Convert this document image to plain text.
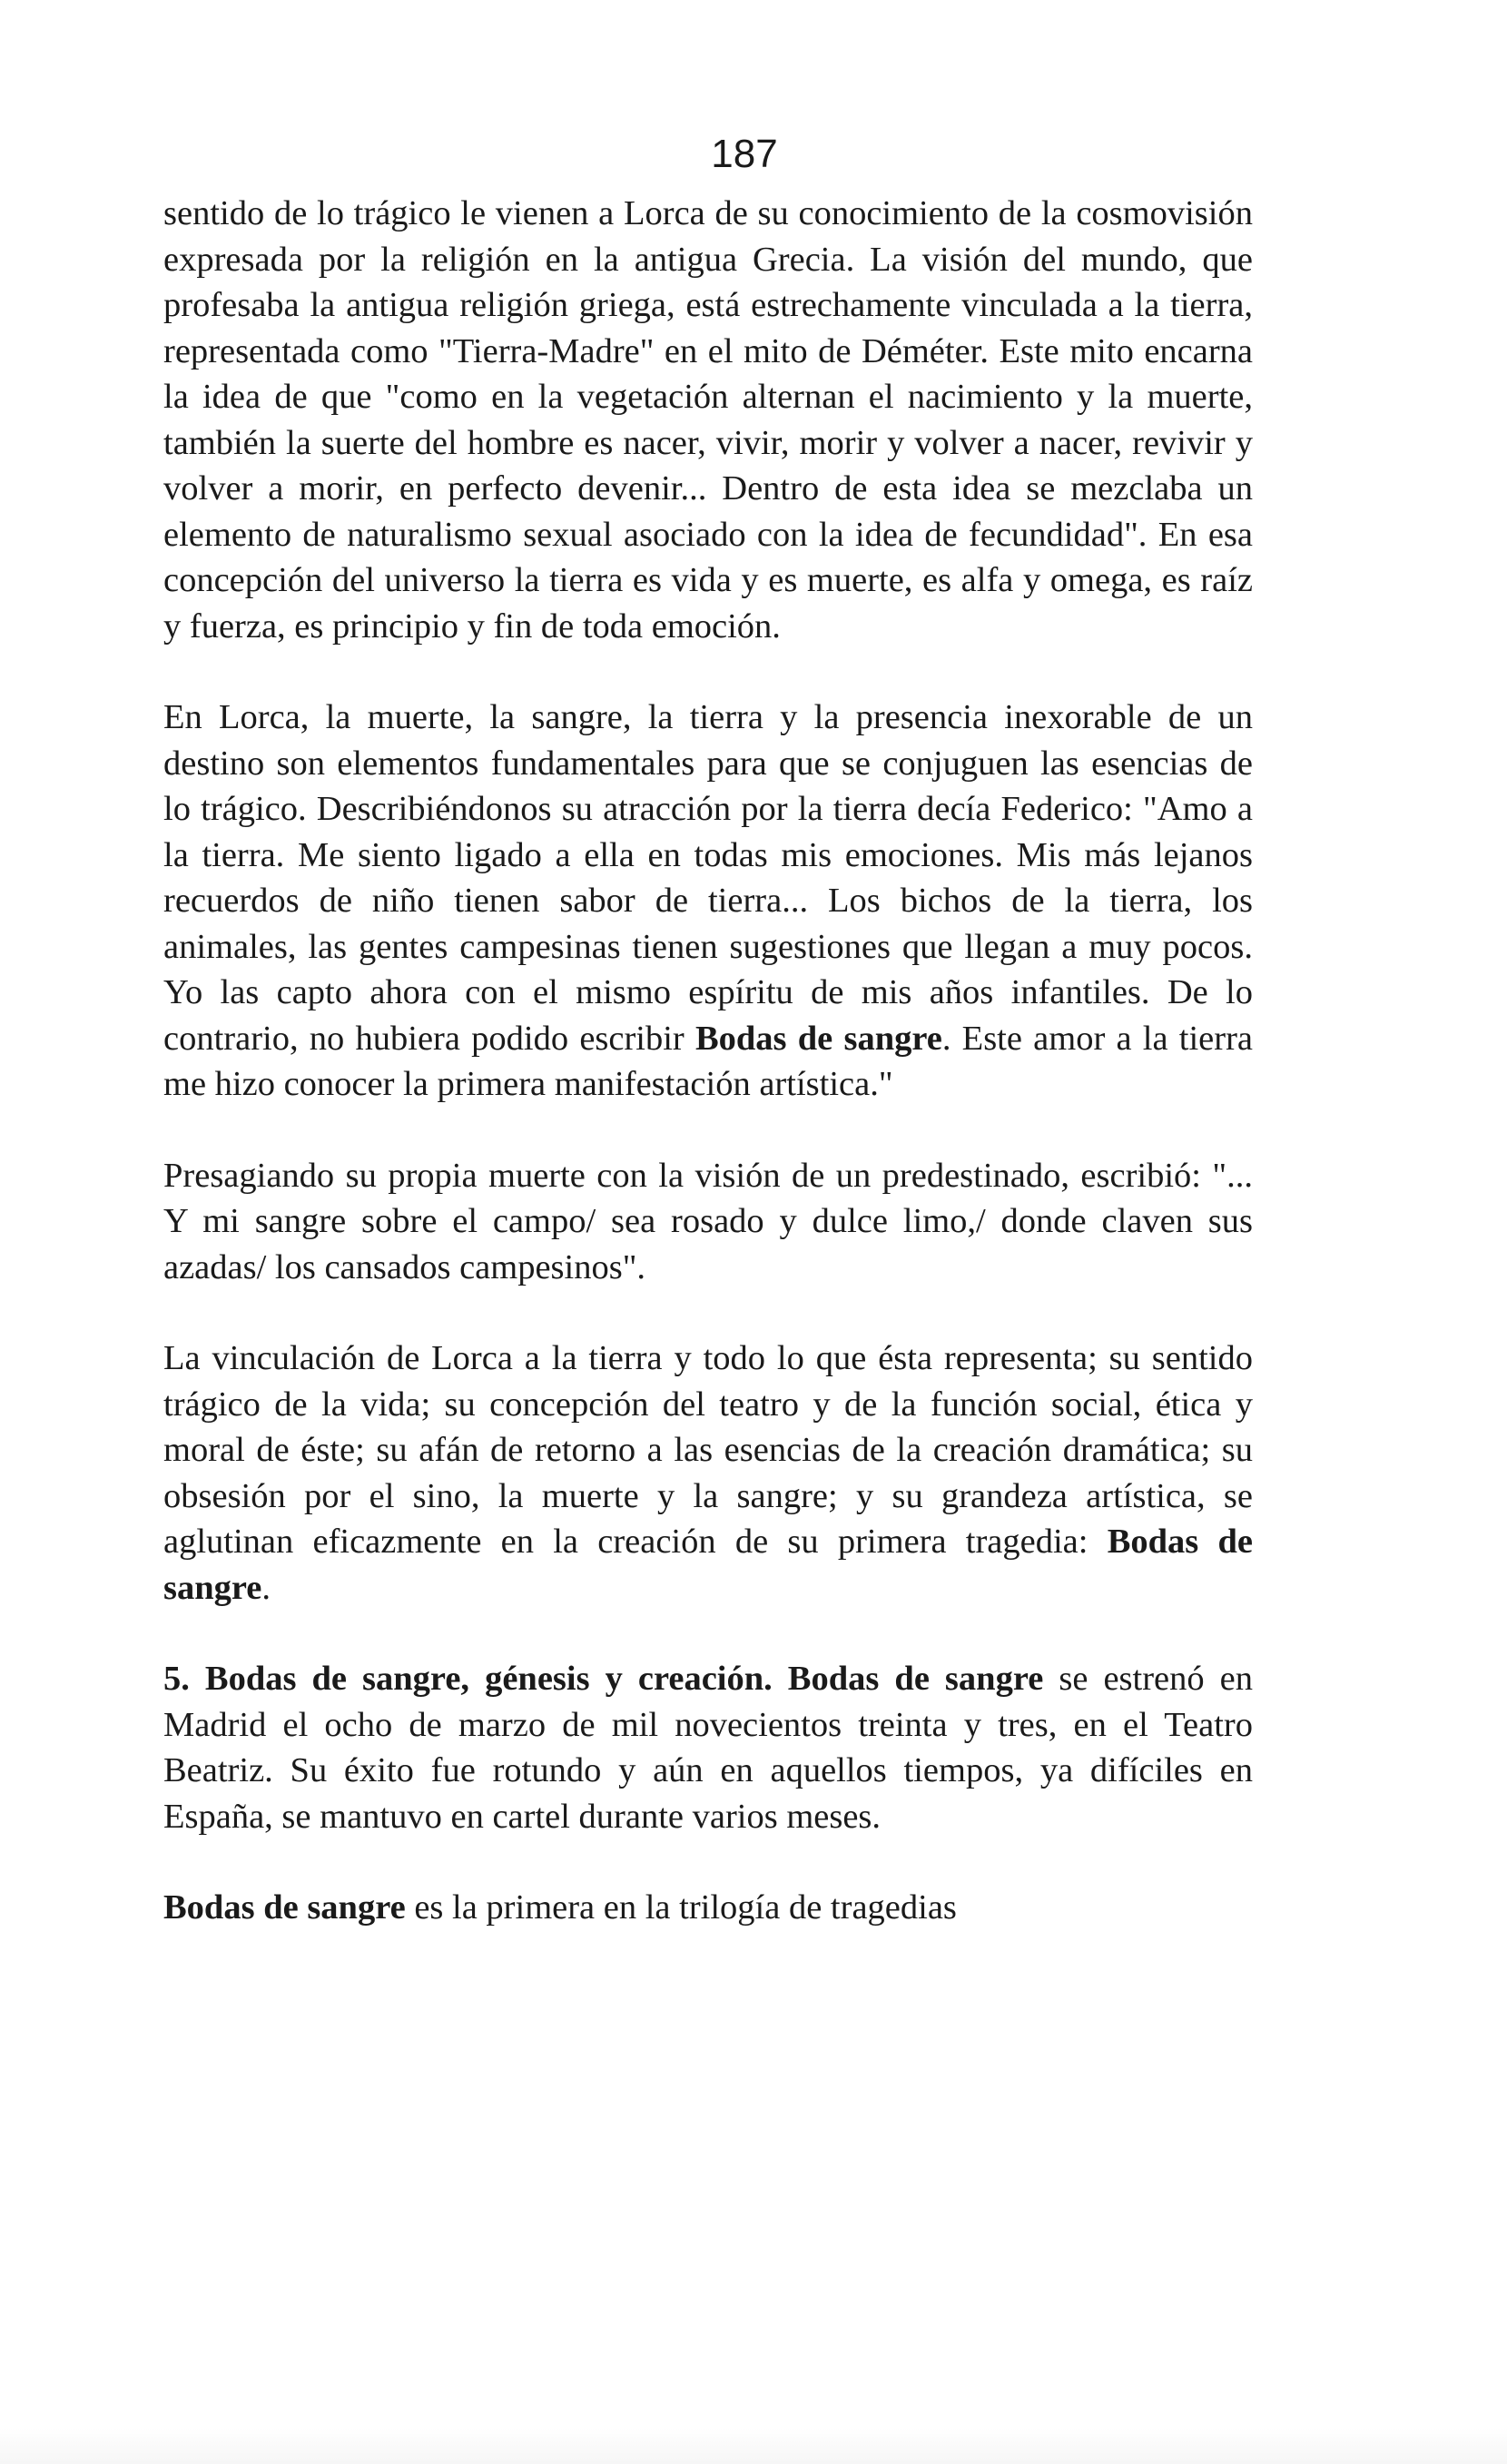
187

sentido de lo trágico le vienen a Lorca de su conocimiento de la cosmovisión expresada por la religión en la antigua Grecia. La visión del mundo, que profesaba la antigua religión griega, está estrechamente vinculada a la tierra, representada como "Tierra-Madre" en el mito de Déméter. Este mito encarna la idea de que "como en la vegetación alternan el nacimiento y la muerte, también la suerte del hombre es nacer, vivir, morir y volver a nacer, revivir y volver a morir, en perfecto devenir... Dentro de esta idea se mezclaba un elemento de naturalismo sexual asociado con la idea de fecundidad". En esa concepción del universo la tierra es vida y es muerte, es alfa y omega, es raíz y fuerza, es principio y fin de toda emoción.

En Lorca, la muerte, la sangre, la tierra y la presencia inexorable de un destino son elementos fundamentales para que se conjuguen las esencias de lo trágico. Describiéndonos su atracción por la tierra decía Federico: "Amo a la tierra. Me siento ligado a ella en todas mis emociones. Mis más lejanos recuerdos de niño tienen sabor de tierra... Los bichos de la tierra, los animales, las gentes campesinas tienen sugestiones que llegan a muy pocos. Yo las capto ahora con el mismo espíritu de mis años infantiles. De lo contrario, no hubiera podido escribir Bodas de sangre. Este amor a la tierra me hizo conocer la primera manifestación artística."

Presagiando su propia muerte con la visión de un predestinado, escribió: "... Y mi sangre sobre el campo/ sea rosado y dulce limo,/ donde claven sus azadas/ los cansados campesinos".

La vinculación de Lorca a la tierra y todo lo que ésta representa; su sentido trágico de la vida; su concepción del teatro y de la función social, ética y moral de éste; su afán de retorno a las esencias de la creación dramática; su obsesión por el sino, la muerte y la sangre; y su grandeza artística, se aglutinan eficazmente en la creación de su primera tragedia: Bodas de sangre.

5. Bodas de sangre, génesis y creación. Bodas de sangre se estrenó en Madrid el ocho de marzo de mil novecientos treinta y tres, en el Teatro Beatriz. Su éxito fue rotundo y aún en aquellos tiempos, ya difíciles en España, se mantuvo en cartel durante varios meses.

Bodas de sangre es la primera en la trilogía de tragedias
